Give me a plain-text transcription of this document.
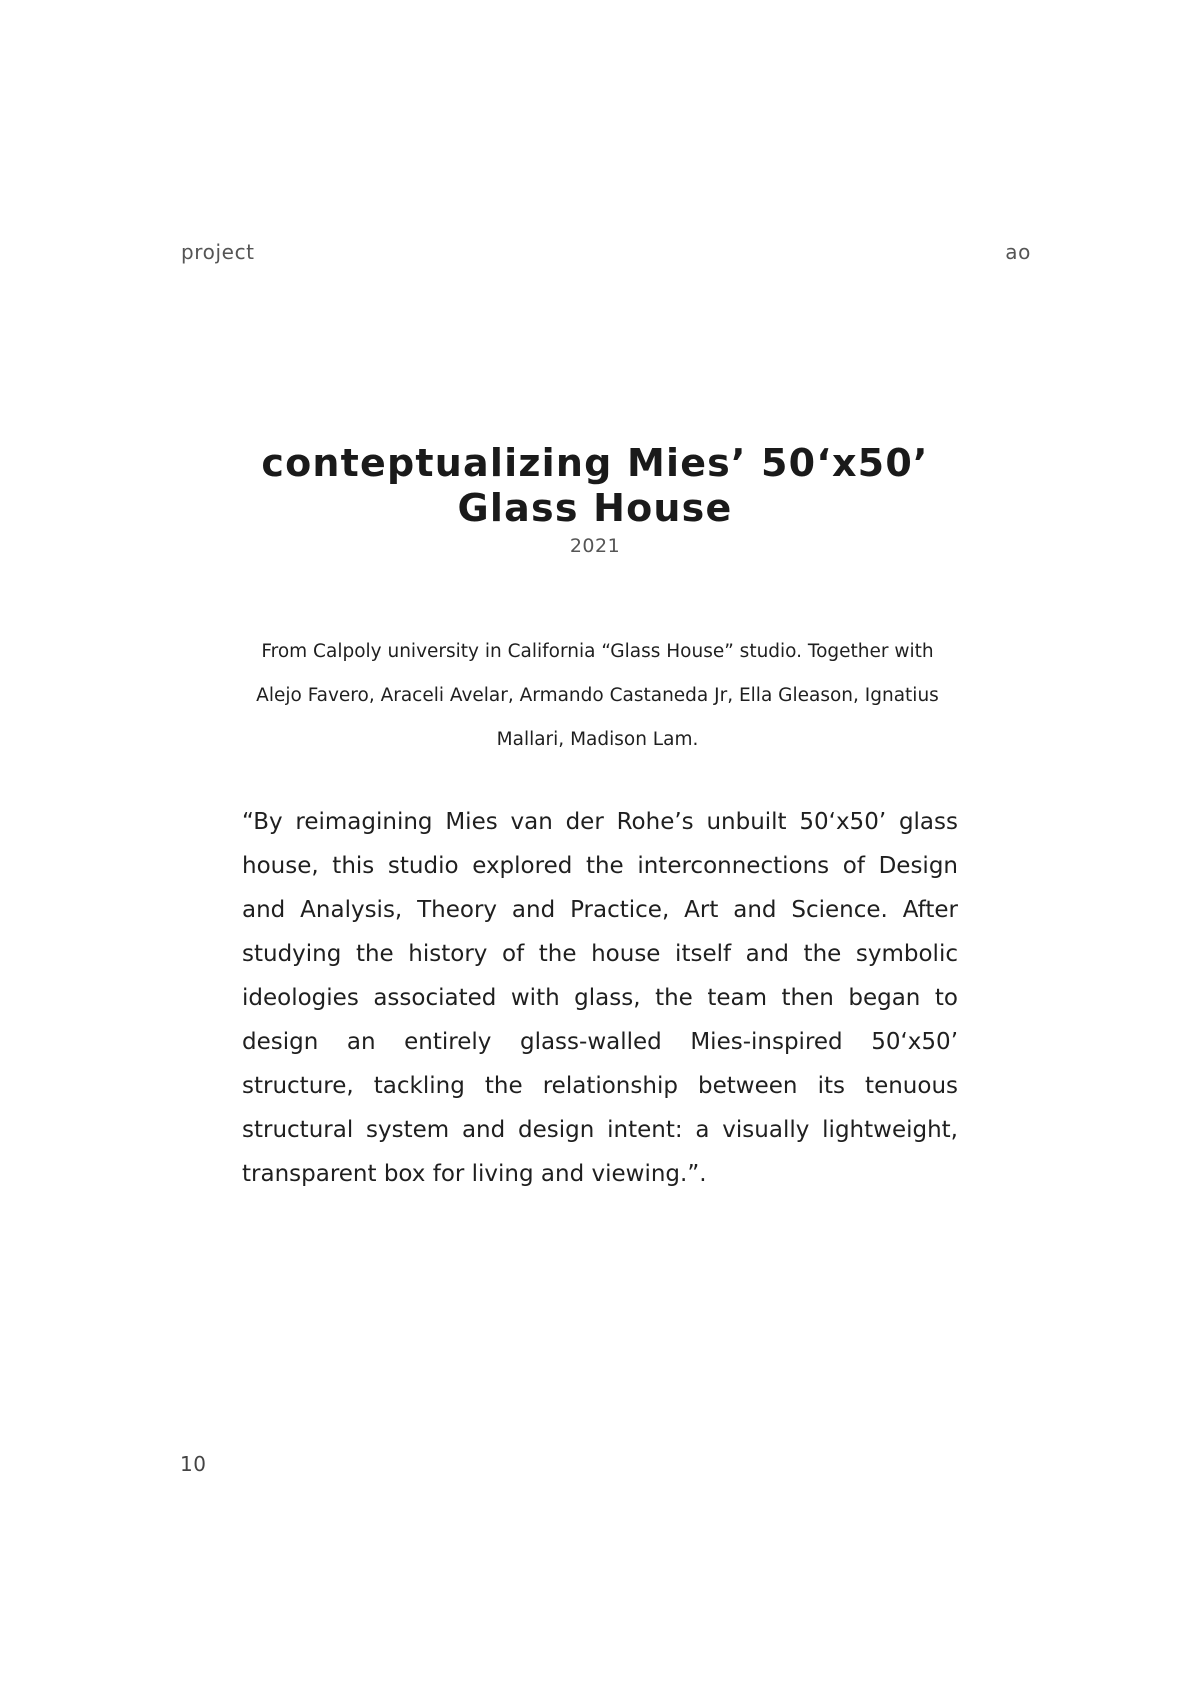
project	ao
conteptualizing Mies’ 50‘x50’
Glass House
2021

From Calpoly university in California “Glass House” studio. Together with Alejo Favero, Araceli Avelar, Armando Castaneda Jr, Ella Gleason, Ignatius Mallari, Madison Lam.

“By reimagining Mies van der Rohe’s unbuilt 50‘x50’ glass house, this studio explored the interconnections of Design and Analysis, Theory and Practice, Art and Science. After studying the history of the house itself and the symbolic ideologies associated with glass, the team then began to design an entirely glass-walled Mies-inspired 50‘x50’ structure, tackling the relationship between its tenuous structural system and design intent: a visually lightweight, transparent box for living and viewing.”.

10
